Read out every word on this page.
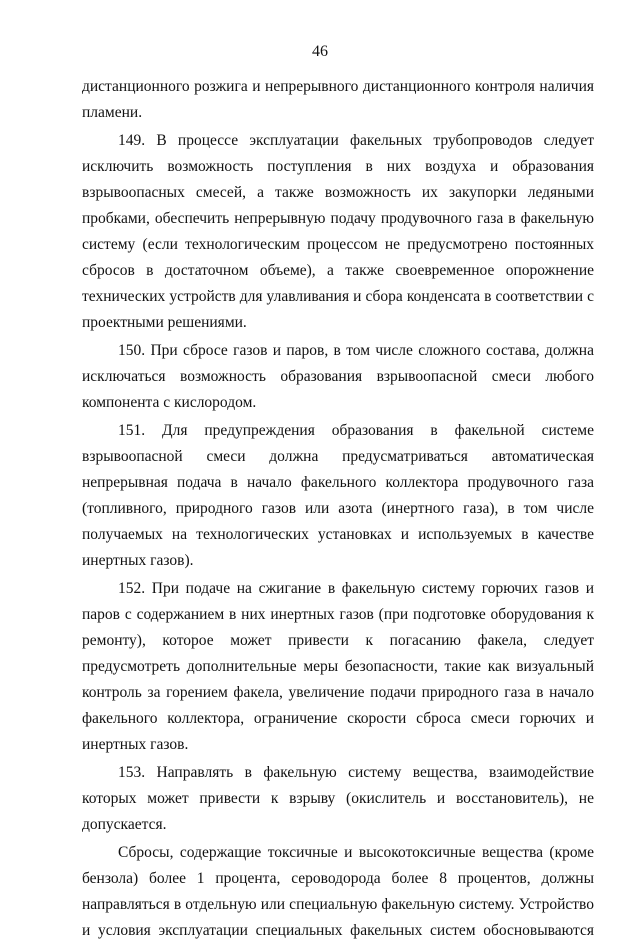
46

дистанционного розжига и непрерывного дистанционного контроля наличия пламени.

149. В процессе эксплуатации факельных трубопроводов следует исключить возможность поступления в них воздуха и образования взрывоопасных смесей, а также возможность их закупорки ледяными пробками, обеспечить непрерывную подачу продувочного газа в факельную систему (если технологическим процессом не предусмотрено постоянных сбросов в достаточном объеме), а также своевременное опорожнение технических устройств для улавливания и сбора конденсата в соответствии с проектными решениями.

150. При сбросе газов и паров, в том числе сложного состава, должна исключаться возможность образования взрывоопасной смеси любого компонента с кислородом.

151. Для предупреждения образования в факельной системе взрывоопасной смеси должна предусматриваться автоматическая непрерывная подача в начало факельного коллектора продувочного газа (топливного, природного газов или азота (инертного газа), в том числе получаемых на технологических установках и используемых в качестве инертных газов).

152. При подаче на сжигание в факельную систему горючих газов и паров с содержанием в них инертных газов (при подготовке оборудования к ремонту), которое может привести к погасанию факела, следует предусмотреть дополнительные меры безопасности, такие как визуальный контроль за горением факела, увеличение подачи природного газа в начало факельного коллектора, ограничение скорости сброса смеси горючих и инертных газов.

153. Направлять в факельную систему вещества, взаимодействие которых может привести к взрыву (окислитель и восстановитель), не допускается.

Сбросы, содержащие токсичные и высокотоксичные вещества (кроме бензола) более 1 процента, сероводорода более 8 процентов, должны направляться в отдельную или специальную факельную систему. Устройство и условия эксплуатации специальных факельных систем обосновываются
